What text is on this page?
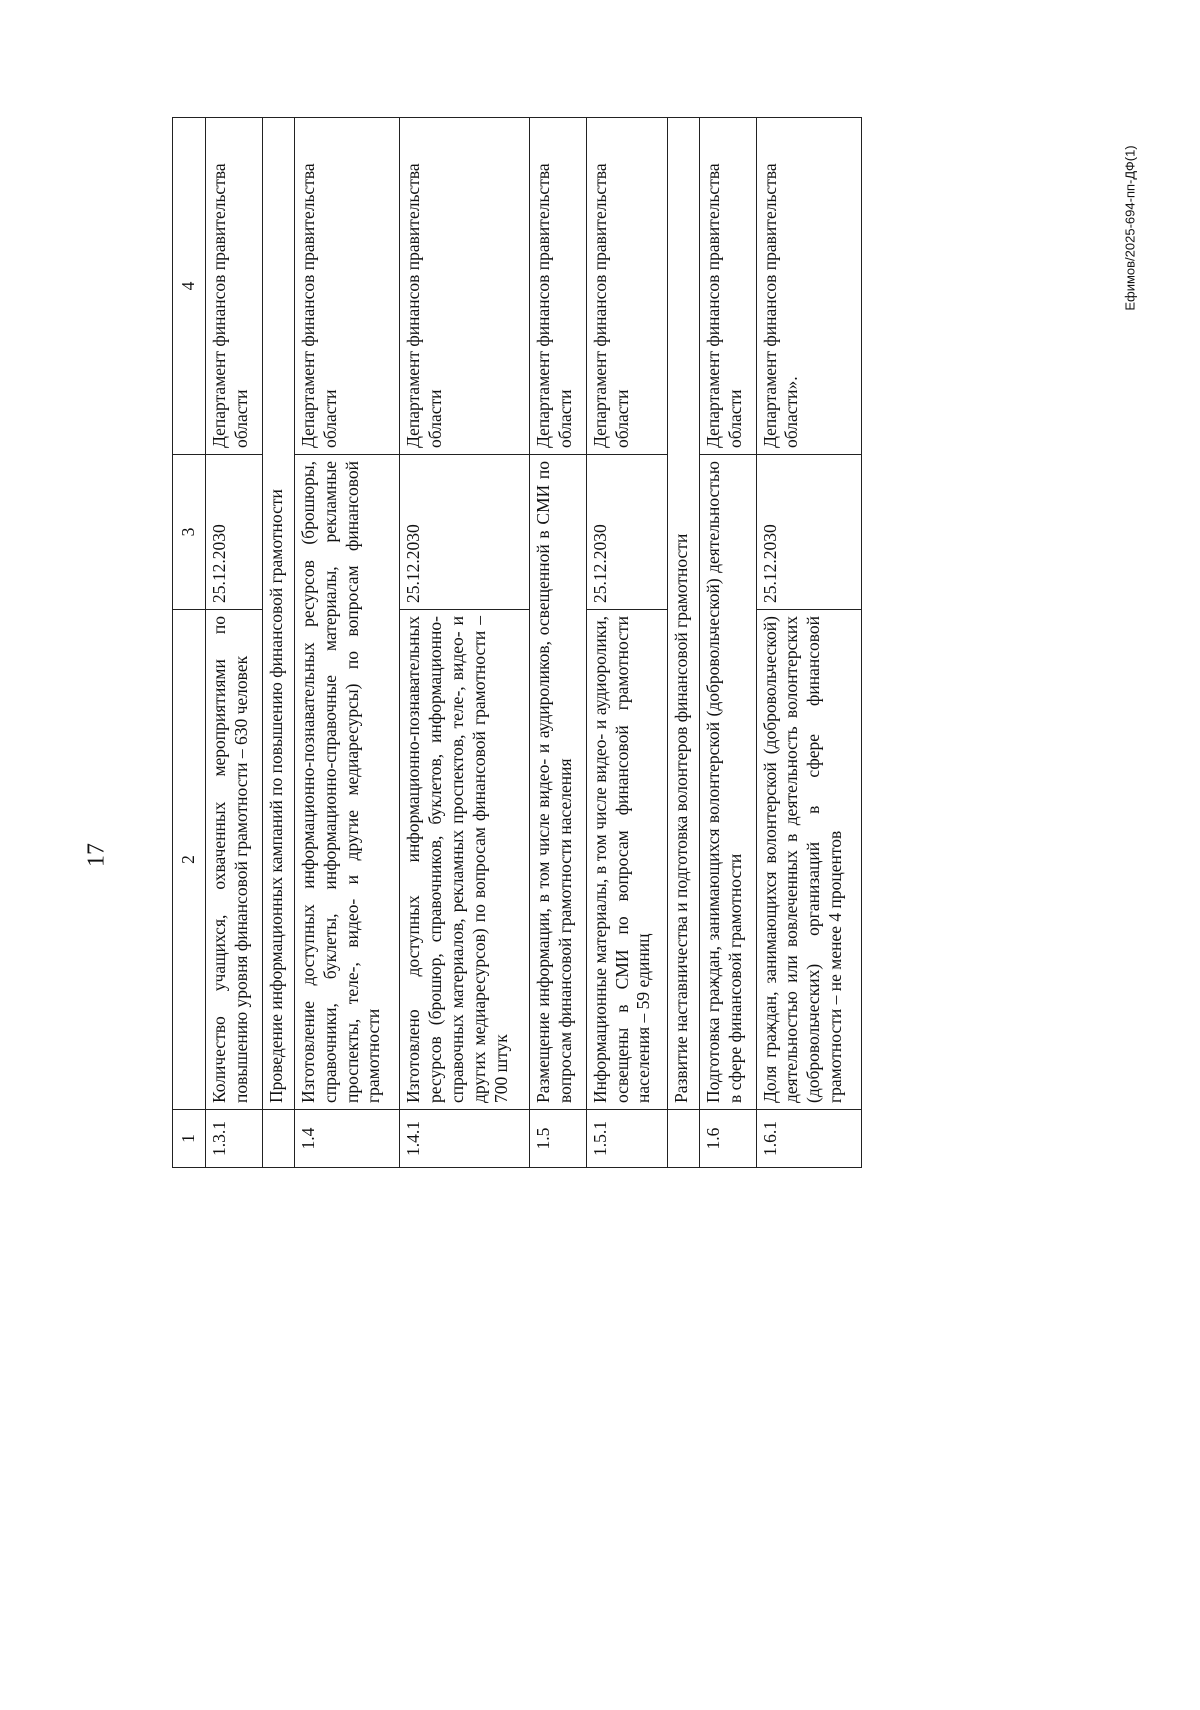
17
Ефимов/2025-694-пп-ДФ(1)
1	2	3	4
1.3.1	Количество учащихся, охваченных мероприятиями по повышению уровня финансовой грамотности – 630 человек	25.12.2030	Департамент финансов правительства области
	Проведение информационных кампаний по повышению финансовой грамотности		
1.4	Изготовление доступных информационно-познавательных ресурсов (брошюры, справочники, буклеты, информационно-справочные материалы, рекламные проспекты, теле-, видео- и другие медиаресурсы) по вопросам финансовой грамотности		Департамент финансов правительства области
1.4.1	Изготовлено доступных информационно-познавательных ресурсов (брошюр, справочников, буклетов, информационно-справочных материалов, рекламных проспектов, теле-, видео- и других медиаресурсов) по вопросам финансовой грамотности – 700 штук	25.12.2030	Департамент финансов правительства области
1.5	Размещение информации, в том числе видео- и аудироликов, освещенной в СМИ по вопросам финансовой грамотности населения		Департамент финансов правительства области
1.5.1	Информационные материалы, в том числе видео- и аудиоролики, освещены в СМИ по вопросам финансовой грамотности населения – 59 единиц	25.12.2030	Департамент финансов правительства области
	Развитие наставничества и подготовка волонтеров финансовой грамотности		
1.6	Подготовка граждан, занимающихся волонтерской (добровольческой) деятельностью в сфере финансовой грамотности		Департамент финансов правительства области
1.6.1	Доля граждан, занимающихся волонтерской (добровольческой) деятельностью или вовлеченных в деятельность волонтерских (добровольческих) организаций в сфере финансовой грамотности – не менее 4 процентов	25.12.2030	Департамент финансов правительства области».
